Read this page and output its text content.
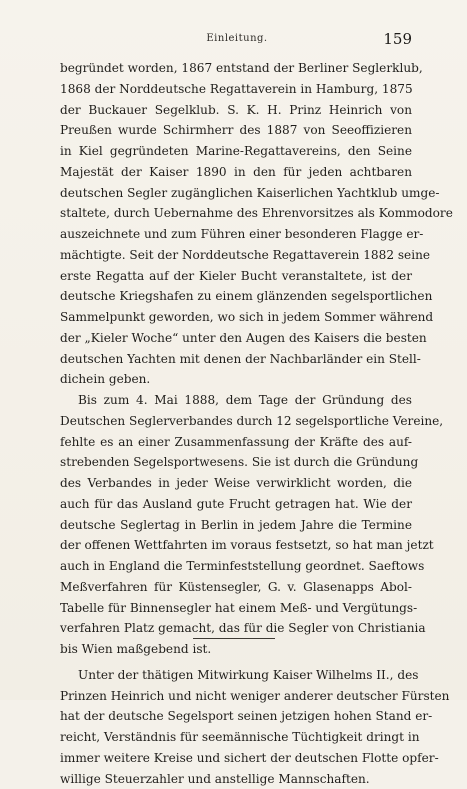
Einleitung.	159
begründet worden, 1867 entstand der Berliner Seglerklub,
1868 der Norddeutsche Regattaverein in Hamburg, 1875
der Buckauer Segelklub. S. K. H. Prinz Heinrich von
Preußen wurde Schirmherr des 1887 von Seeoffizieren
in Kiel gegründeten Marine-Regattavereins, den Seine
Majestät der Kaiser 1890 in den für jeden achtbaren
deutschen Segler zugänglichen Kaiserlichen Yachtklub umge-
staltete, durch Uebernahme des Ehrenvorsitzes als Kommodore
auszeichnete und zum Führen einer besonderen Flagge er-
mächtigte. Seit der Norddeutsche Regattaverein 1882 seine
erste Regatta auf der Kieler Bucht veranstaltete, ist der
deutsche Kriegshafen zu einem glänzenden segelsportlichen
Sammelpunkt geworden, wo sich in jedem Sommer während
der „Kieler Woche“ unter den Augen des Kaisers die besten
deutschen Yachten mit denen der Nachbarländer ein Stell-
dichein geben.
Bis zum 4. Mai 1888, dem Tage der Gründung des
Deutschen Seglerverbandes durch 12 segelsportliche Vereine,
fehlte es an einer Zusammenfassung der Kräfte des auf-
strebenden Segelsportwesens. Sie ist durch die Gründung
des Verbandes in jeder Weise verwirklicht worden, die
auch für das Ausland gute Frucht getragen hat. Wie der
deutsche Seglertag in Berlin in jedem Jahre die Termine
der offenen Wettfahrten im voraus festsetzt, so hat man jetzt
auch in England die Terminfeststellung geordnet. Saeftows
Meßverfahren für Küstensegler, G. v. Glasenapps Abol-
Tabelle für Binnensegler hat einem Meß- und Vergütungs-
verfahren Platz gemacht, das für die Segler von Christiania
bis Wien maßgebend ist.
Unter der thätigen Mitwirkung Kaiser Wilhelms II., des
Prinzen Heinrich und nicht weniger anderer deutscher Fürsten
hat der deutsche Segelsport seinen jetzigen hohen Stand er-
reicht, Verständnis für seemännische Tüchtigkeit dringt in
immer weitere Kreise und sichert der deutschen Flotte opfer-
willige Steuerzahler und anstellige Mannschaften.
